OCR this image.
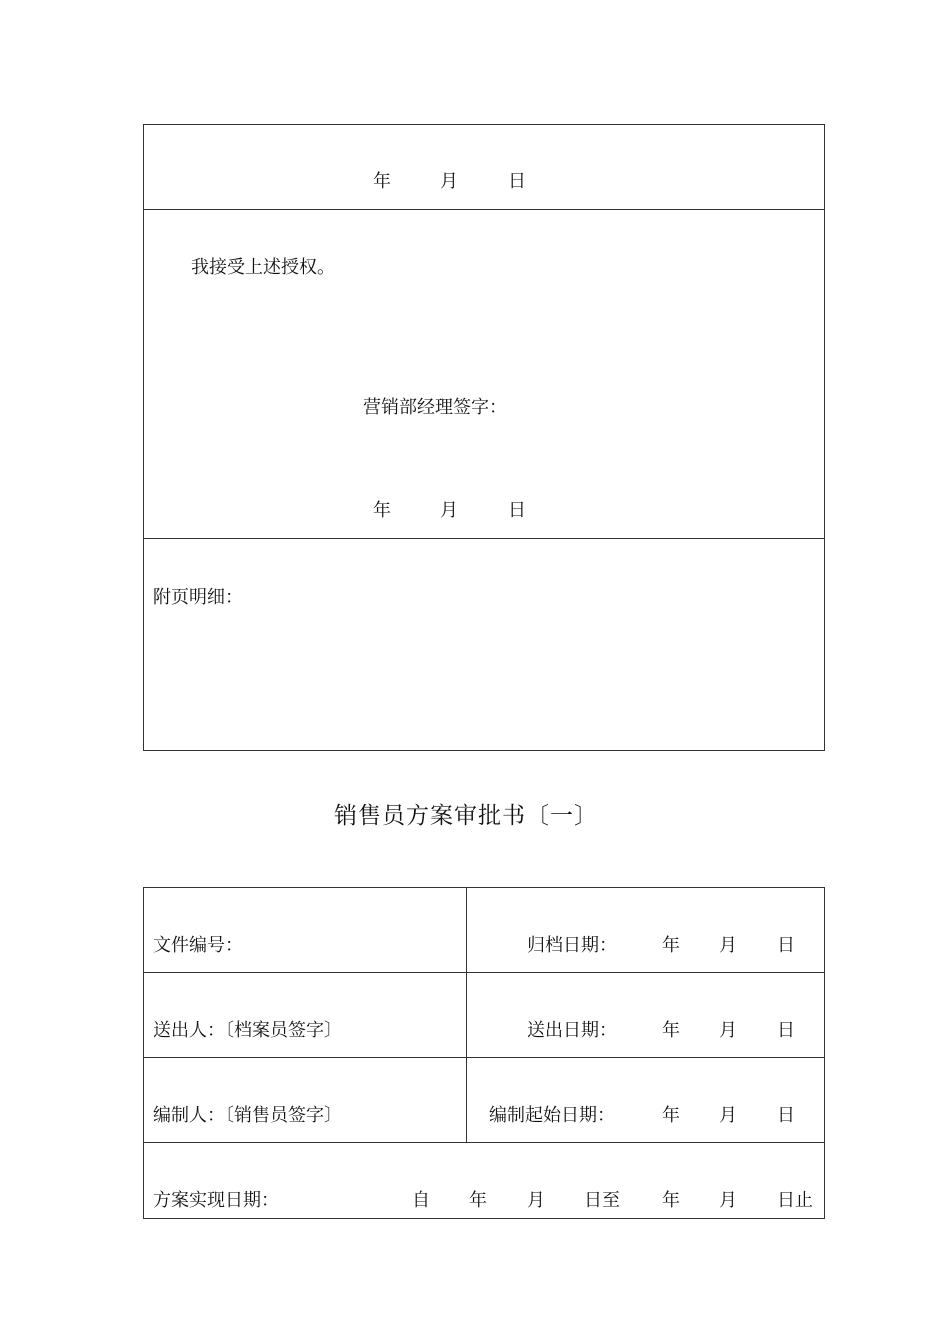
年	月	日
我接受上述授权。
营销部经理签字：
年	月	日
附页明细：
销售员方案审批书〔一〕
文件编号：	归档日期：	年 月 日
送出人：〔档案员签字〕	送出日期：	年 月 日
编制人：〔销售员签字〕	编制起始日期：	年 月 日
方案实现日期：	自 年 月 日至 年 月 日止
